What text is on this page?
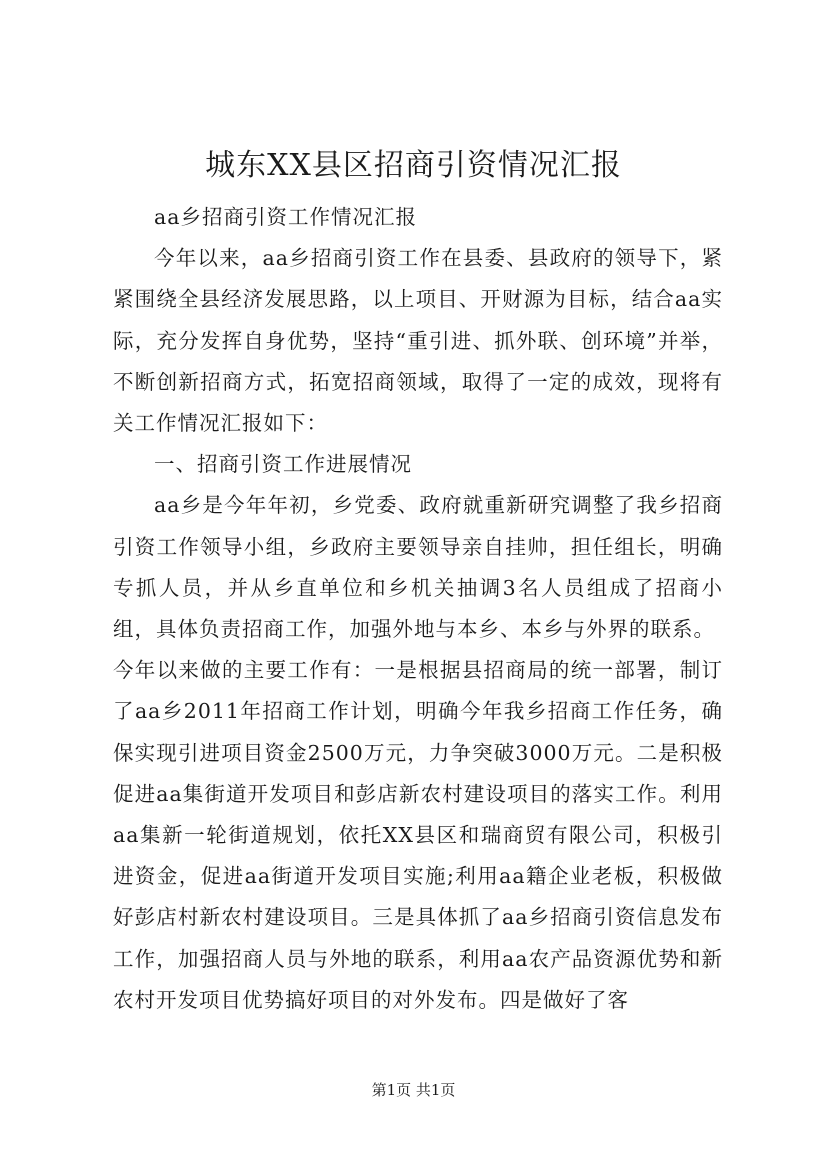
城东XX县区招商引资情况汇报

aa乡招商引资工作情况汇报

今年以来，aa乡招商引资工作在县委、县政府的领导下，紧紧围绕全县经济发展思路，以上项目、开财源为目标，结合aa实际，充分发挥自身优势，坚持“重引进、抓外联、创环境”并举，不断创新招商方式，拓宽招商领域，取得了一定的成效，现将有关工作情况汇报如下：

一、招商引资工作进展情况

aa乡是今年年初，乡党委、政府就重新研究调整了我乡招商引资工作领导小组，乡政府主要领导亲自挂帅，担任组长，明确专抓人员，并从乡直单位和乡机关抽调3名人员组成了招商小组，具体负责招商工作，加强外地与本乡、本乡与外界的联系。

今年以来做的主要工作有：一是根据县招商局的统一部署，制订了aa乡2011年招商工作计划，明确今年我乡招商工作任务，确保实现引进项目资金2500万元，力争突破3000万元。二是积极促进aa集街道开发项目和彭店新农村建设项目的落实工作。利用aa集新一轮街道规划，依托XX县区和瑞商贸有限公司，积极引进资金，促进aa街道开发项目实施;利用aa籍企业老板，积极做好彭店村新农村建设项目。三是具体抓了aa乡招商引资信息发布工作，加强招商人员与外地的联系，利用aa农产品资源优势和新农村开发项目优势搞好项目的对外发布。四是做好了客

第1页 共1页
